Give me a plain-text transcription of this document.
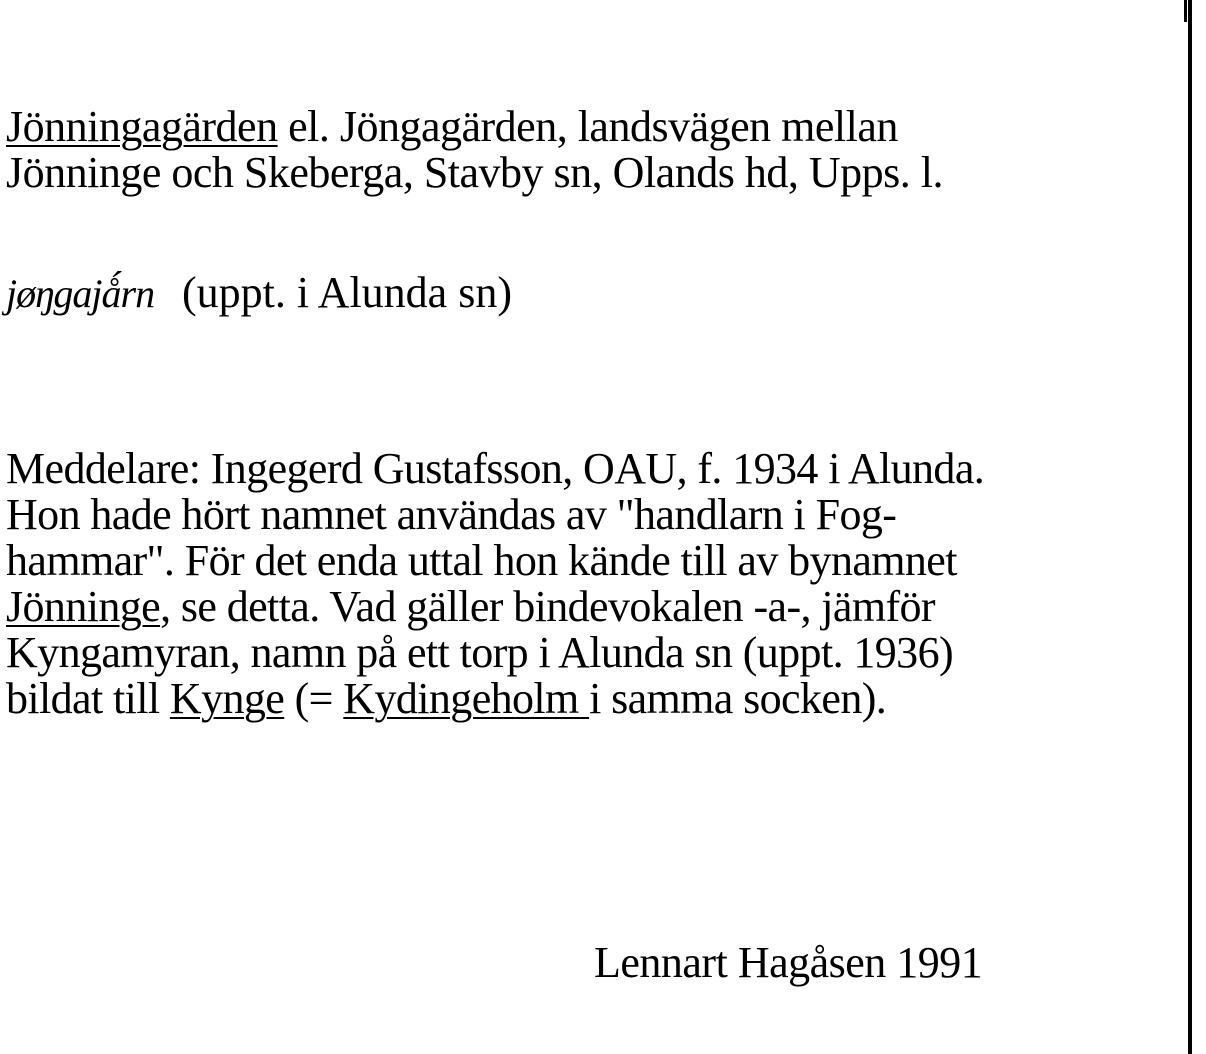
Jönningagärden el. Jöngagärden, landsvägen mellan
Jönninge och Skeberga, Stavby sn, Olands hd, Upps. l.
jøŋgajǻrn (uppt. i Alunda sn)
Meddelare: Ingegerd Gustafsson, OAU, f. 1934 i Alunda.
Hon hade hört namnet användas av "handlarn i Fog-
hammar". För det enda uttal hon kände till av bynamnet
Jönninge, se detta. Vad gäller bindevokalen -a-, jämför
Kyngamyran, namn på ett torp i Alunda sn (uppt. 1936)
bildat till Kynge (= Kydingeholm i samma socken).
Lennart Hagåsen 1991
